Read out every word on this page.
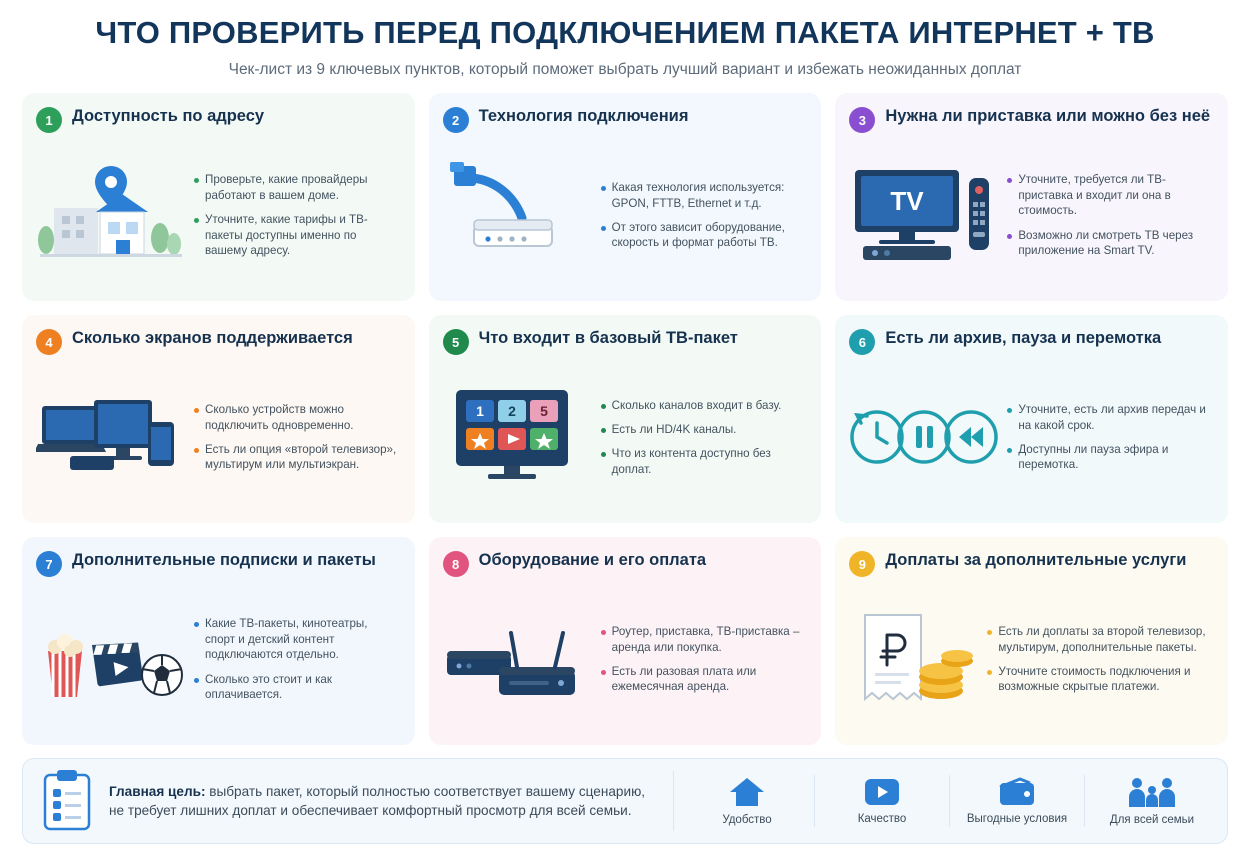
ЧТО ПРОВЕРИТЬ ПЕРЕД ПОДКЛЮЧЕНИЕМ ПАКЕТА ИНТЕРНЕТ + ТВ
Чек-лист из 9 ключевых пунктов, который поможет выбрать лучший вариант и избежать неожиданных доплат
1	Доступность по адресу
Проверьте, какие провайдеры работают в вашем доме.
Уточните, какие тарифы и ТВ-пакеты доступны именно по вашему адресу.
2	Технология подключения
Какая технология используется: GPON, FTTB, Ethernet и т.д.
От этого зависит оборудование, скорость и формат работы ТВ.
3	Нужна ли приставка или можно без неё
TV
Уточните, требуется ли ТВ-приставка и входит ли она в стоимость.
Возможно ли смотреть ТВ через приложение на Smart TV.
4	Сколько экранов поддерживается
Сколько устройств можно подключить одновременно.
Есть ли опция «второй телевизор», мультирум или мультиэкран.
5	Что входит в базовый ТВ-пакет
1 2 5	Сколько каналов входит в базу.
Есть ли HD/4K каналы.
Что из контента доступно без доплат.
6	Есть ли архив, пауза и перемотка
Уточните, есть ли архив передач и на какой срок.
Доступны ли пауза эфира и перемотка.
7	Дополнительные подписки и пакеты
Какие ТВ-пакеты, кинотеатры, спорт и детский контент подключаются отдельно.
Сколько это стоит и как оплачивается.
8	Оборудование и его оплата
Роутер, приставка, ТВ-приставка – аренда или покупка.
Есть ли разовая плата или ежемесячная аренда.
9	Доплаты за дополнительные услуги
Есть ли доплаты за второй телевизор, мультирум, дополнительные пакеты.
Уточните стоимость подключения и возможные скрытые платежи.
Главная цель: выбрать пакет, который полностью соответствует вашему сценарию, не требует лишних доплат и обеспечивает комфортный просмотр для всей семьи.
Удобство	Качество	Выгодные условия	Для всей семьи
